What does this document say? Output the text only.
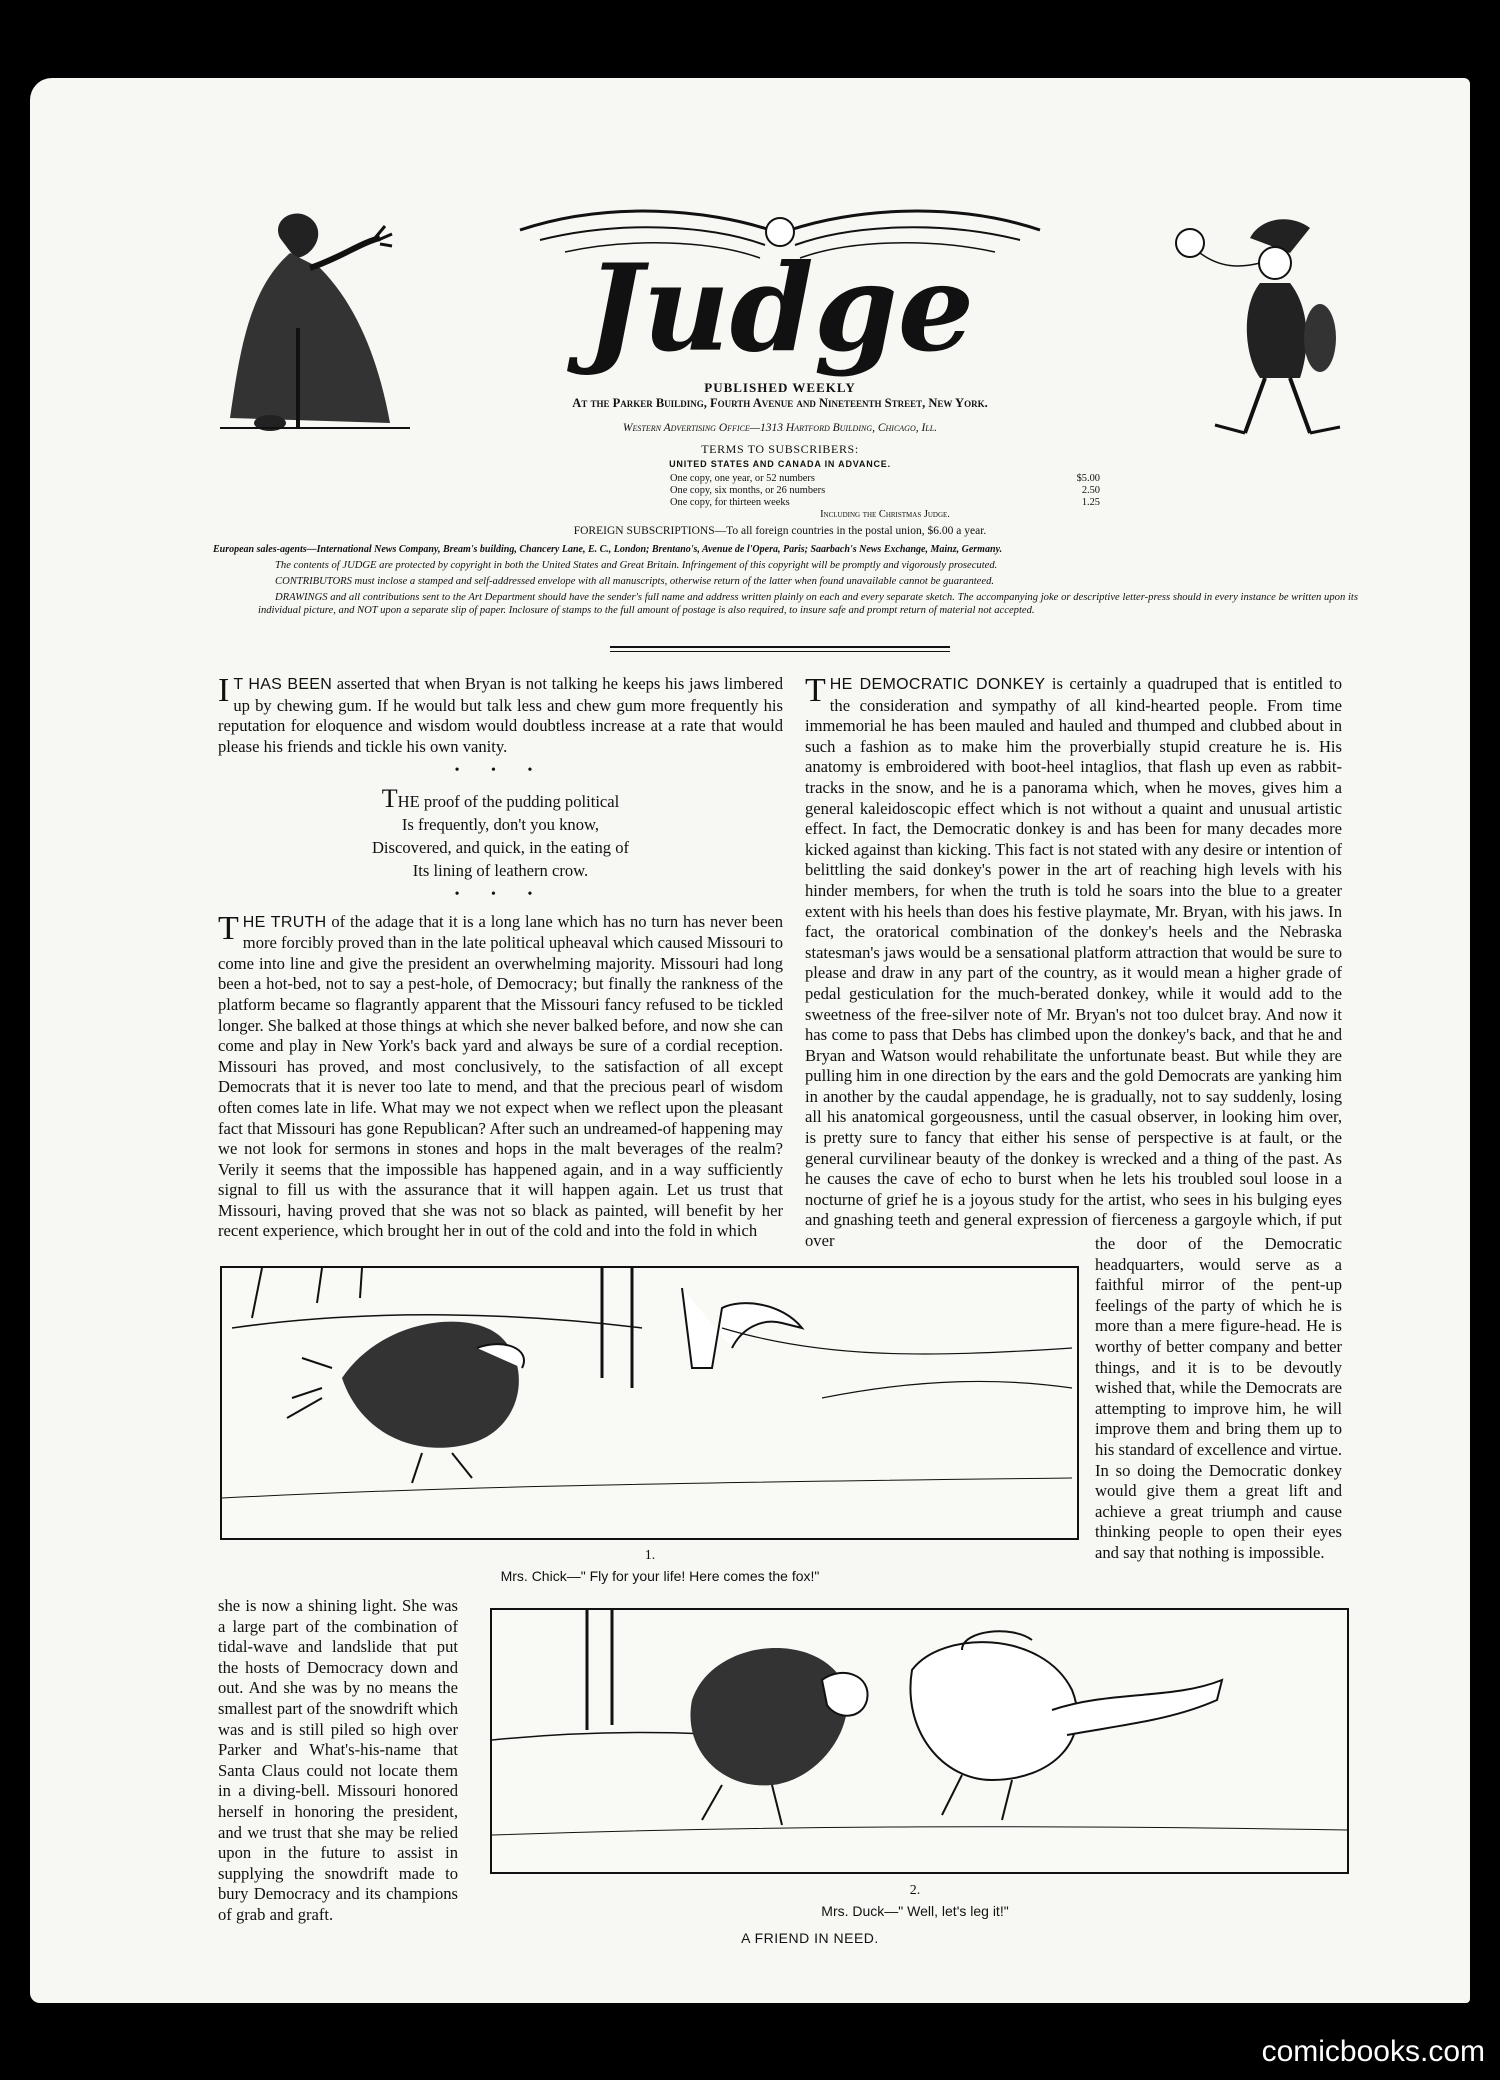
Judge
PUBLISHED WEEKLY
At the Parker Building, Fourth Avenue and Nineteenth Street, New York.
Western Advertising Office—1313 Hartford Building, Chicago, Ill.
TERMS TO SUBSCRIBERS:
UNITED STATES AND CANADA IN ADVANCE.
One copy, one year, or 52 numbers	$5.00
One copy, six months, or 26 numbers	2.50
One copy, for thirteen weeks	1.25
Including the Christmas Judge.
FOREIGN SUBSCRIPTIONS—To all foreign countries in the postal union, $6.00 a year.
European sales-agents—International News Company, Bream's building, Chancery Lane, E. C., London; Brentano's, Avenue de l'Opera, Paris; Saarbach's News Exchange, Mainz, Germany.
The contents of JUDGE are protected by copyright in both the United States and Great Britain. Infringement of this copyright will be promptly and vigorously prosecuted.
CONTRIBUTORS must inclose a stamped and self-addressed envelope with all manuscripts, otherwise return of the latter when found unavailable cannot be guaranteed.
DRAWINGS and all contributions sent to the Art Department should have the sender's full name and address written plainly on each and every separate sketch. The accompanying joke or descriptive letter-press should in every instance be written upon its individual picture, and NOT upon a separate slip of paper. Inclosure of stamps to the full amount of postage is also required, to insure safe and prompt return of material not accepted.

I T HAS BEEN asserted that when Bryan is not talking he keeps his jaws limbered up by chewing gum. If he would but talk less and chew gum more frequently his reputation for eloquence and wisdom would doubtless increase at a rate that would please his friends and tickle his own vanity.

• • •
THE proof of the pudding political
Is frequently, don't you know,
Discovered, and quick, in the eating of
Its lining of leathern crow.
• • •

THE TRUTH of the adage that it is a long lane which has no turn has never been more forcibly proved than in the late political upheaval which caused Missouri to come into line and give the president an overwhelming majority. Missouri had long been a hot-bed, not to say a pest-hole, of Democracy; but finally the rankness of the platform became so flagrantly apparent that the Missouri fancy refused to be tickled longer. She balked at those things at which she never balked before, and now she can come and play in New York's back yard and always be sure of a cordial reception. Missouri has proved, and most conclusively, to the satisfaction of all except Democrats that it is never too late to mend, and that the precious pearl of wisdom often comes late in life. What may we not expect when we reflect upon the pleasant fact that Missouri has gone Republican? After such an undreamed-of happening may we not look for sermons in stones and hops in the malt beverages of the realm? Verily it seems that the impossible has happened again, and in a way sufficiently signal to fill us with the assurance that it will happen again. Let us trust that Missouri, having proved that she was not so black as painted, will benefit by her recent experience, which brought her in out of the cold and into the fold in which

THE DEMOCRATIC DONKEY is certainly a quadruped that is entitled to the consideration and sympathy of all kind-hearted people. From time immemorial he has been mauled and hauled and thumped and clubbed about in such a fashion as to make him the proverbially stupid creature he is. His anatomy is embroidered with boot-heel intaglios, that flash up even as rabbit-tracks in the snow, and he is a panorama which, when he moves, gives him a general kaleidoscopic effect which is not without a quaint and unusual artistic effect. In fact, the Democratic donkey is and has been for many decades more kicked against than kicking. This fact is not stated with any desire or intention of belittling the said donkey's power in the art of reaching high levels with his hinder members, for when the truth is told he soars into the blue to a greater extent with his heels than does his festive playmate, Mr. Bryan, with his jaws. In fact, the oratorical combination of the donkey's heels and the Nebraska statesman's jaws would be a sensational platform attraction that would be sure to please and draw in any part of the country, as it would mean a higher grade of pedal gesticulation for the much-berated donkey, while it would add to the sweetness of the free-silver note of Mr. Bryan's not too dulcet bray. And now it has come to pass that Debs has climbed upon the donkey's back, and that he and Bryan and Watson would rehabilitate the unfortunate beast. But while they are pulling him in one direction by the ears and the gold Democrats are yanking him in another by the caudal appendage, he is gradually, not to say suddenly, losing all his anatomical gorgeousness, until the casual observer, in looking him over, is pretty sure to fancy that either his sense of perspective is at fault, or the general curvilinear beauty of the donkey is wrecked and a thing of the past. As he causes the cave of echo to burst when he lets his troubled soul loose in a nocturne of grief he is a joyous study for the artist, who sees in his bulging eyes and gnashing teeth and general expression of fierceness a gargoyle which, if put over	the door of the Democratic headquarters, would serve as a faithful mirror of the pent-up feelings of the party of which he is more than a mere figure-head. He is worthy of better company and better things, and it is to be devoutly wished that, while the Democrats are attempting to improve him, he will improve them and bring them up to his standard of excellence and virtue. In so doing the Democratic donkey would give them a great lift and achieve a great triumph and cause thinking people to open their eyes and say that nothing is impossible.
1.
Mrs. Chick—" Fly for your life! Here comes the fox!"
she is now a shining light. She was a large part of the combination of tidal-wave and landslide that put the hosts of Democracy down and out. And she was by no means the smallest part of the snowdrift which was and is still piled so high over Parker and What's-his-name that Santa Claus could not locate them in a diving-bell. Missouri honored herself in honoring the president, and we trust that she may be relied upon in the future to assist in supplying the snowdrift made to bury Democracy and its champions of grab and graft.
2.
Mrs. Duck—" Well, let's leg it!"
A FRIEND IN NEED.
comicbooks.com
